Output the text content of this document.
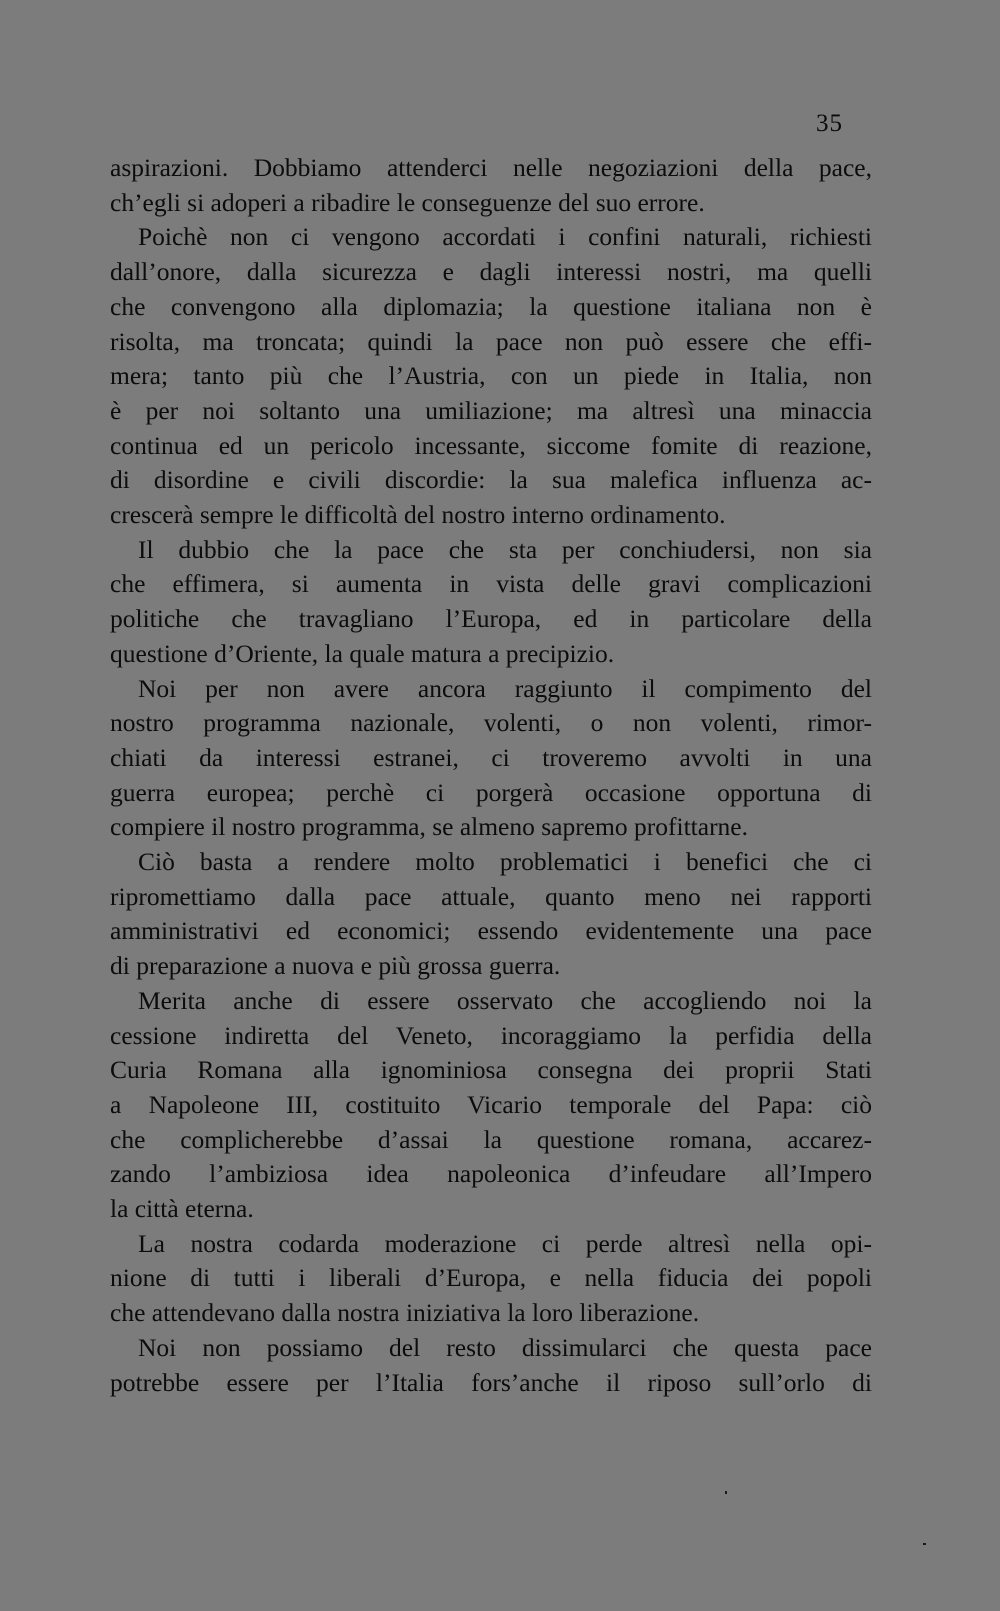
35
aspirazioni. Dobbiamo attenderci nelle negoziazioni della pace,
ch’egli si adoperi a ribadire le conseguenze del suo errore.
Poichè non ci vengono accordati i confini naturali, richiesti
dall’onore, dalla sicurezza e dagli interessi nostri, ma quelli
che convengono alla diplomazia; la questione italiana non è
risolta, ma troncata; quindi la pace non può essere che effi-
mera; tanto più che l’Austria, con un piede in Italia, non
è per noi soltanto una umiliazione; ma altresì una minaccia
continua ed un pericolo incessante, siccome fomite di reazione,
di disordine e civili discordie: la sua malefica influenza ac-
crescerà sempre le difficoltà del nostro interno ordinamento.
Il dubbio che la pace che sta per conchiudersi, non sia
che effimera, si aumenta in vista delle gravi complicazioni
politiche che travagliano l’Europa, ed in particolare della
questione d’Oriente, la quale matura a precipizio.
Noi per non avere ancora raggiunto il compimento del
nostro programma nazionale, volenti, o non volenti, rimor-
chiati da interessi estranei, ci troveremo avvolti in una
guerra europea; perchè ci porgerà occasione opportuna di
compiere il nostro programma, se almeno sapremo profittarne.
Ciò basta a rendere molto problematici i benefici che ci
ripromettiamo dalla pace attuale, quanto meno nei rapporti
amministrativi ed economici; essendo evidentemente una pace
di preparazione a nuova e più grossa guerra.
Merita anche di essere osservato che accogliendo noi la
cessione indiretta del Veneto, incoraggiamo la perfidia della
Curia Romana alla ignominiosa consegna dei proprii Stati
a Napoleone III, costituito Vicario temporale del Papa: ciò
che complicherebbe d’assai la questione romana, accarez-
zando l’ambiziosa idea napoleonica d’infeudare all’Impero
la città eterna.
La nostra codarda moderazione ci perde altresì nella opi-
nione di tutti i liberali d’Europa, e nella fiducia dei popoli
che attendevano dalla nostra iniziativa la loro liberazione.
Noi non possiamo del resto dissimularci che questa pace
potrebbe essere per l’Italia fors’anche il riposo sull’orlo di
